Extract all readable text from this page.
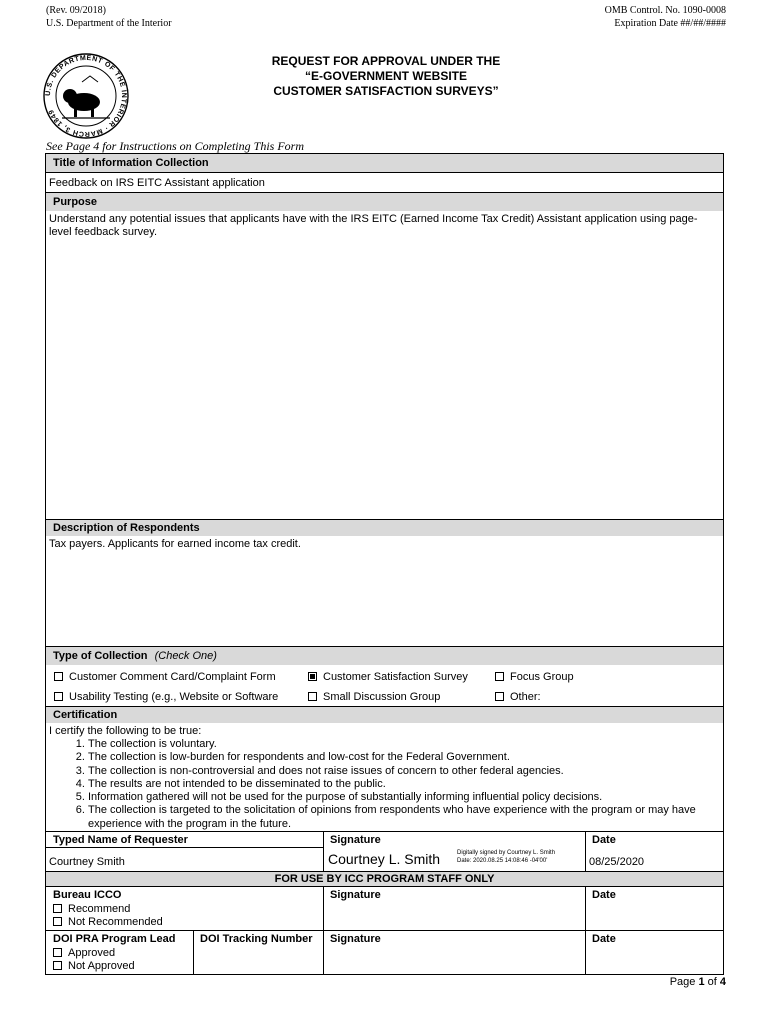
(Rev. 09/2018)
U.S. Department of the Interior
OMB Control. No. 1090-0008
Expiration Date ##/##/####
U.S. DEPARTMENT OF THE INTERIOR · MARCH 3, 1849
REQUEST FOR APPROVAL UNDER THE
“E-GOVERNMENT WEBSITE
CUSTOMER SATISFACTION SURVEYS”
See Page 4 for Instructions on Completing This Form
Title of Information Collection
Feedback on IRS EITC Assistant application
Purpose
Understand any potential issues that applicants have with the IRS EITC (Earned Income Tax Credit) Assistant application using page-level feedback survey.
Description of Respondents
Tax payers. Applicants for earned income tax credit.
Type of Collection (Check One)
Customer Comment Card/Complaint Form	Customer Satisfaction Survey	Focus Group
Usability Testing (e.g., Website or Software	Small Discussion Group	Other:
Certification
I certify the following to be true:
1. The collection is voluntary.
2. The collection is low-burden for respondents and low-cost for the Federal Government.
3. The collection is non-controversial and does not raise issues of concern to other federal agencies.
4. The results are not intended to be disseminated to the public.
5. Information gathered will not be used for the purpose of substantially informing influential policy decisions.
6. The collection is targeted to the solicitation of opinions from respondents who have experience with the program or may have experience with the program in the future.
Typed Name of Requester
Courtney Smith
Signature
Courtney L. Smith	Digitally signed by Courtney L. Smith
Date: 2020.08.25 14:08:46 -04'00'
Date
08/25/2020
FOR USE BY ICC PROGRAM STAFF ONLY
Bureau ICCO
Recommend
Not Recommended
Signature	Date
DOI PRA Program Lead
Approved
Not Approved
DOI Tracking Number	Signature	Date
Page 1 of 4
